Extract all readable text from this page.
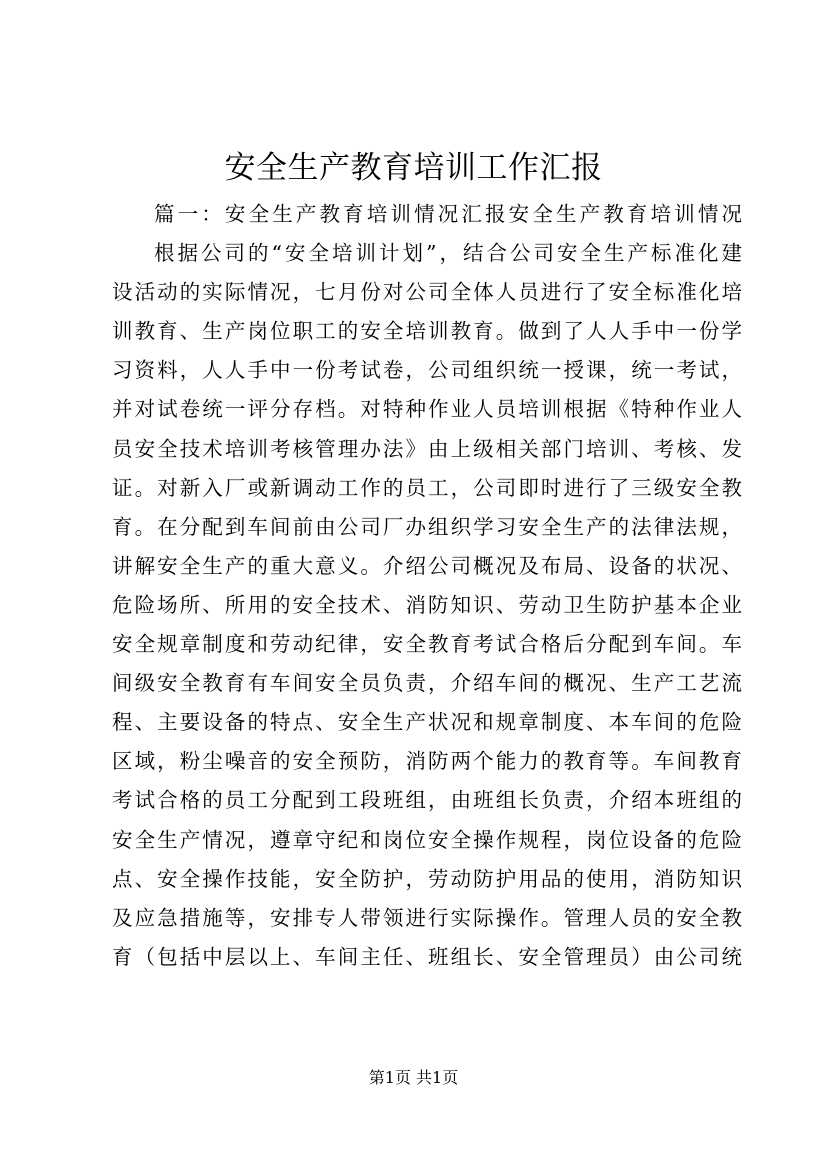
安全生产教育培训工作汇报
篇一：安全生产教育培训情况汇报安全生产教育培训情况
根据公司的“安全培训计划”，结合公司安全生产标准化建
设活动的实际情况，七月份对公司全体人员进行了安全标准化培
训教育、生产岗位职工的安全培训教育。做到了人人手中一份学
习资料，人人手中一份考试卷，公司组织统一授课，统一考试，
并对试卷统一评分存档。对特种作业人员培训根据《特种作业人
员安全技术培训考核管理办法》由上级相关部门培训、考核、发
证。对新入厂或新调动工作的员工，公司即时进行了三级安全教
育。在分配到车间前由公司厂办组织学习安全生产的法律法规，
讲解安全生产的重大意义。介绍公司概况及布局、设备的状况、
危险场所、所用的安全技术、消防知识、劳动卫生防护基本企业
安全规章制度和劳动纪律，安全教育考试合格后分配到车间。车
间级安全教育有车间安全员负责，介绍车间的概况、生产工艺流
程、主要设备的特点、安全生产状况和规章制度、本车间的危险
区域，粉尘噪音的安全预防，消防两个能力的教育等。车间教育
考试合格的员工分配到工段班组，由班组长负责，介绍本班组的
安全生产情况，遵章守纪和岗位安全操作规程，岗位设备的危险
点、安全操作技能，安全防护，劳动防护用品的使用，消防知识
及应急措施等，安排专人带领进行实际操作。管理人员的安全教
育（包括中层以上、车间主任、班组长、安全管理员）由公司统
第1页 共1页
